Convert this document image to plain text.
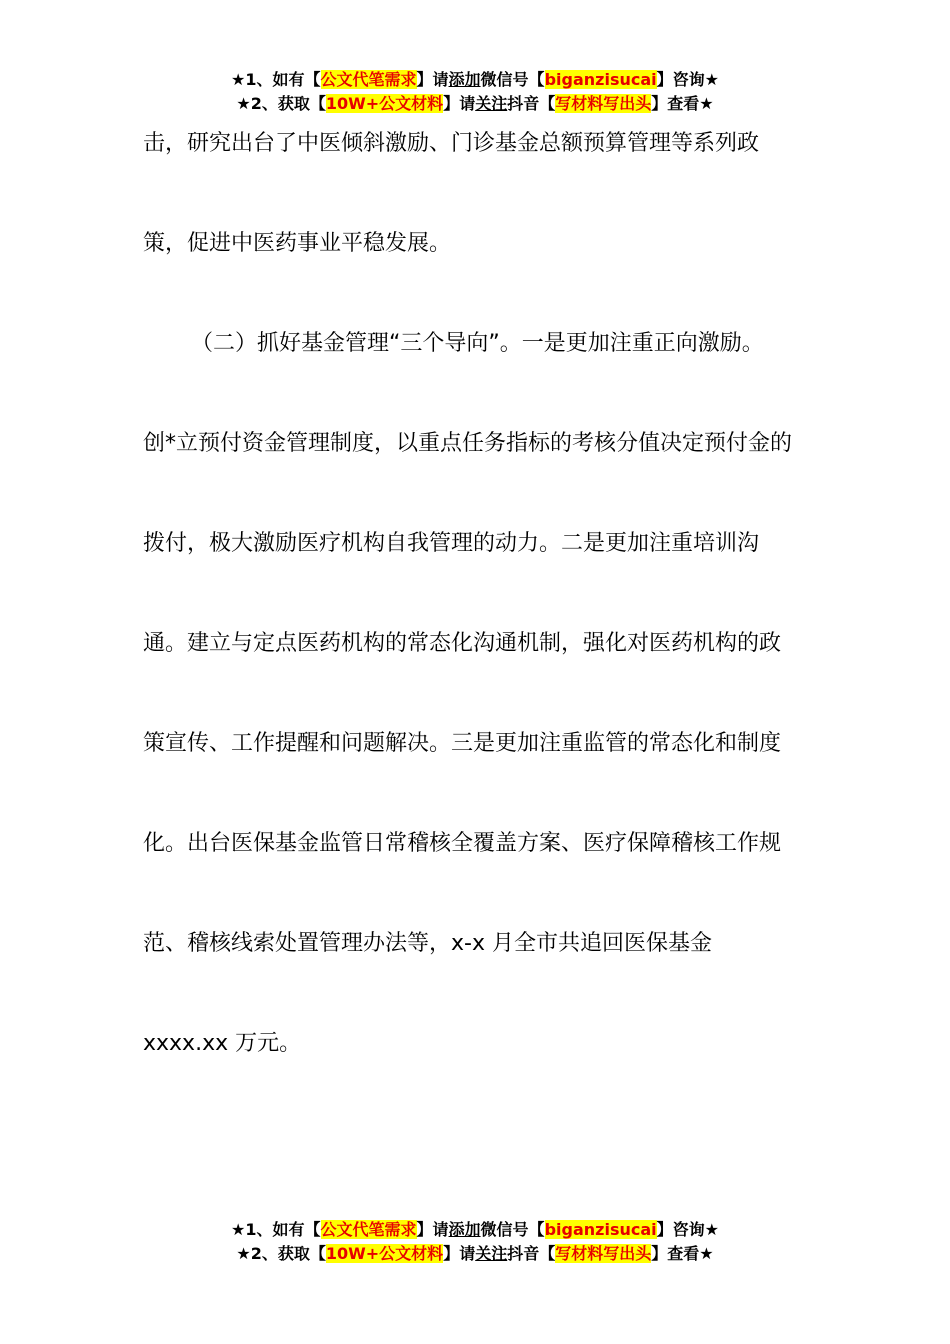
★1、如有【公文代笔需求】请添加微信号【biganzisucai】咨询★
★2、获取【10W+公文材料】请关注抖音【写材料写出头】查看★
击，研究出台了中医倾斜激励、门诊基金总额预算管理等系列政
策，促进中医药事业平稳发展。
（二）抓好基金管理“三个导向”。一是更加注重正向激励。
创*立预付资金管理制度，以重点任务指标的考核分值决定预付金的
拨付，极大激励医疗机构自我管理的动力。二是更加注重培训沟
通。建立与定点医药机构的常态化沟通机制，强化对医药机构的政
策宣传、工作提醒和问题解决。三是更加注重监管的常态化和制度
化。出台医保基金监管日常稽核全覆盖方案、医疗保障稽核工作规
范、稽核线索处置管理办法等，x-x 月全市共追回医保基金
xxxx.xx 万元。
★1、如有【公文代笔需求】请添加微信号【biganzisucai】咨询★
★2、获取【10W+公文材料】请关注抖音【写材料写出头】查看★
